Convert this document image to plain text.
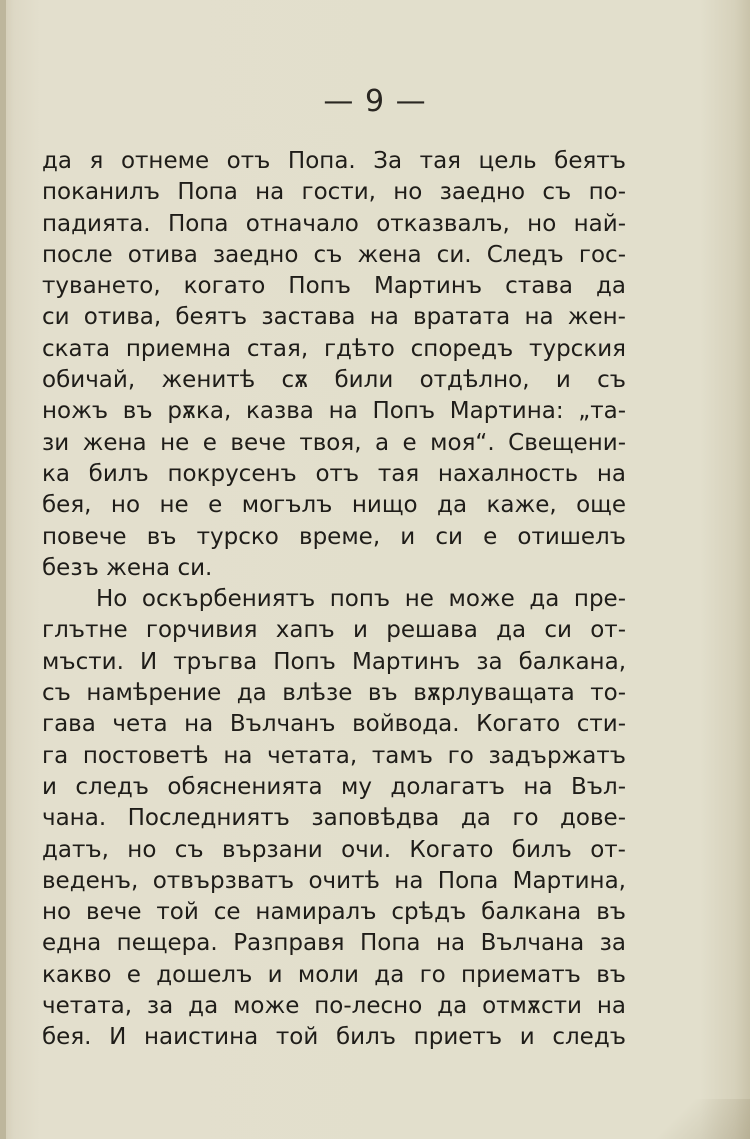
— 9 —
да я отнеме отъ Попа. За тая цель беятъ
поканилъ Попа на гости, но заедно съ по-
падията. Попа отначало отказвалъ, но най-
после отива заедно съ жена си. Следъ гос-
туването, когато Попъ Мартинъ става да
си отива, беятъ застава на вратата на жен-
ската приемна стая, гдѣто споредъ турския
обичай, женитѣ сѫ били отдѣлно, и съ
ножъ въ рѫка, казва на Попъ Мартина: „та-
зи жена не е вече твоя, а е моя“. Свещени-
ка билъ покрусенъ отъ тая нахалность на
бея, но не е могълъ нищо да каже, още
повече въ турско време, и си е отишелъ
безъ жена си.
Но оскърбениятъ попъ не може да пре-
глътне горчивия хапъ и решава да си от-
мъсти. И тръгва Попъ Мартинъ за балкана,
съ намѣрение да влѣзе въ вѫрлуващата то-
гава чета на Вълчанъ войвода. Когато сти-
га постоветѣ на четата, тамъ го задържатъ
и следъ обясненията му долагатъ на Въл-
чана. Последниятъ заповѣдва да го дове-
датъ, но съ вързани очи. Когато билъ от-
веденъ, отвързватъ очитѣ на Попа Мартина,
но вече той се намиралъ срѣдъ балкана въ
една пещера. Разправя Попа на Вълчана за
какво е дошелъ и моли да го приематъ въ
четата, за да може по-лесно да отмѫсти на
бея. И наистина той билъ приетъ и следъ
